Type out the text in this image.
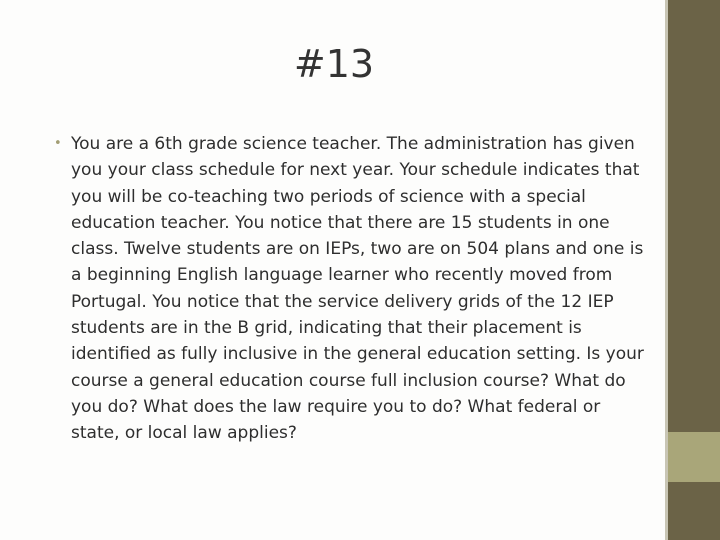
#13
• You are a 6th grade science teacher. The administration has given you your class schedule for next year. Your schedule indicates that you will be co-teaching two periods of science with a special education teacher. You notice that there are 15 students in one class. Twelve students are on IEPs, two are on 504 plans and one is a beginning English language learner who recently moved from Portugal. You notice that the service delivery grids of the 12 IEP students are in the B grid, indicating that their placement is identified as fully inclusive in the general education setting. Is your course a general education course full inclusion course? What do you do? What does the law require you to do? What federal or state, or local law applies?
